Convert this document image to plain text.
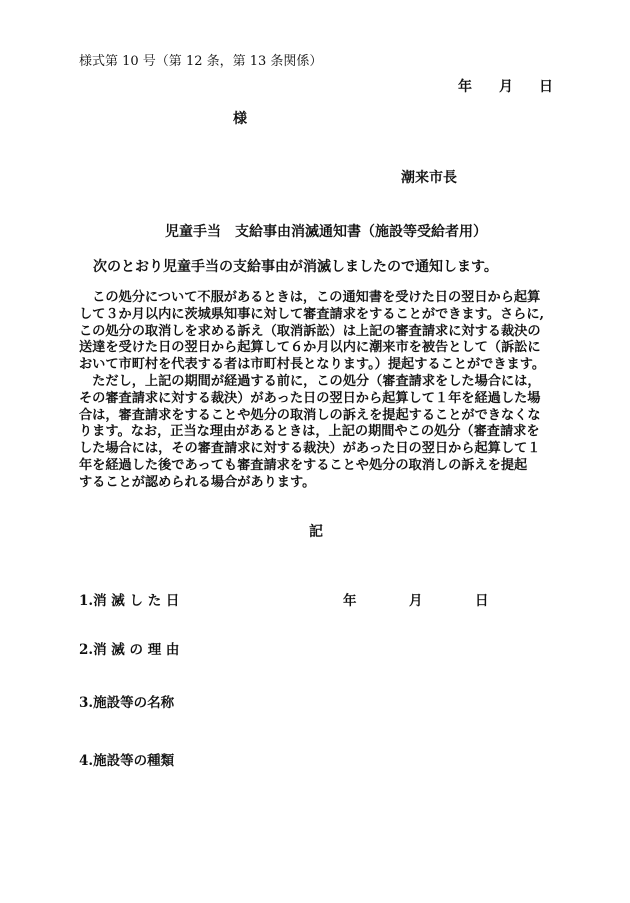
様式第 10 号（第 12 条，第 13 条関係）
年 月 日
様
潮来市長
児童手当　支給事由消滅通知書（施設等受給者用）
次のとおり児童手当の支給事由が消滅しましたので通知します。
　この処分について不服があるときは，この通知書を受けた日の翌日から起算
して３か月以内に茨城県知事に対して審査請求をすることができます。さらに,
この処分の取消しを求める訴え（取消訴訟）は上記の審査請求に対する裁決の
送達を受けた日の翌日から起算して６か月以内に潮来市を被告として（訴訟に
おいて市町村を代表する者は市町村長となります。）提起することができます。
　ただし，上記の期間が経過する前に，この処分（審査請求をした場合には，
その審査請求に対する裁決）があった日の翌日から起算して１年を経過した場
合は，審査請求をすることや処分の取消しの訴えを提起することができなくな
ります。なお，正当な理由があるときは，上記の期間やこの処分（審査請求を
した場合には，その審査請求に対する裁決）があった日の翌日から起算して１
年を経過した後であっても審査請求をすることや処分の取消しの訴えを提起
することが認められる場合があります。
記
1.消 滅 し た 日	年	月	日
2.消 滅 の 理 由
3.施設等の名称
4.施設等の種類
